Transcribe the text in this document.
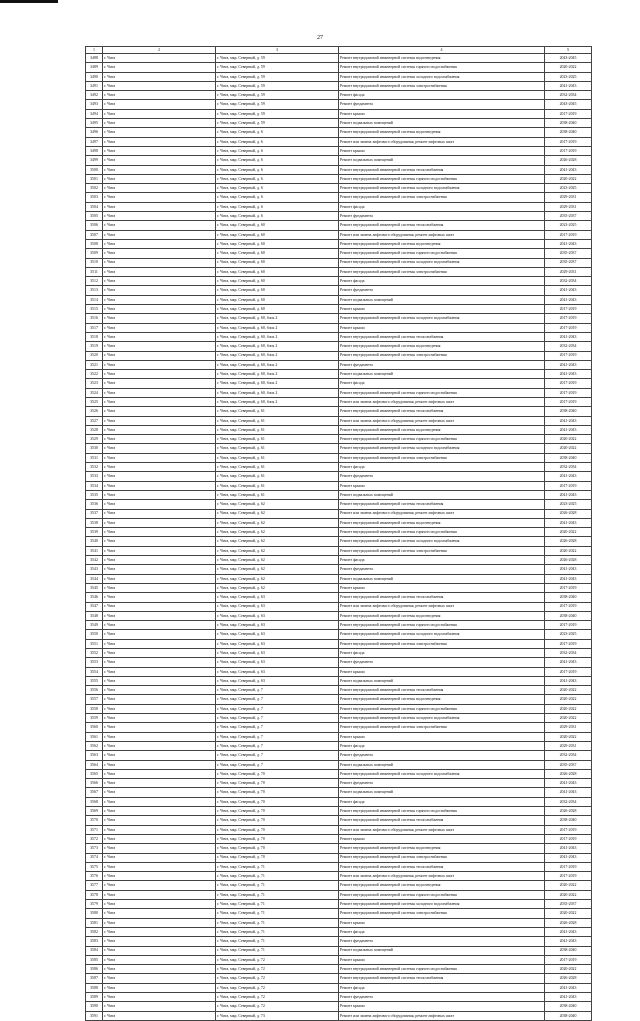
27
1	2	3	4	5
3488	г. Чита	г. Чита, мкр. Северный, д. 59	Ремонт внутридомовой инженерной системы водоотведения	2043-2045
3489	г. Чита	г. Чита, мкр. Северный, д. 59	Ремонт внутридомовой инженерной системы горячего водоснабжения	2020-2022
3490	г. Чита	г. Чита, мкр. Северный, д. 59	Ремонт внутридомовой инженерной системы холодного водоснабжения	2023-2025
3491	г. Чита	г. Чита, мкр. Северный, д. 59	Ремонт внутридомовой инженерной системы электроснабжения	2041-2043
3492	г. Чита	г. Чита, мкр. Северный, д. 59	Ремонт фасада	2032-2034
3493	г. Чита	г. Чита, мкр. Северный, д. 59	Ремонт фундамента	2043-2045
3494	г. Чита	г. Чита, мкр. Северный, д. 59	Ремонт крыши	2017-2019
3495	г. Чита	г. Чита, мкр. Северный, д. 59	Ремонт подвальных помещений	2038-2040
3496	г. Чита	г. Чита, мкр. Северный, д. 6	Ремонт внутридомовой инженерной системы водоотведения	2038-2040
3497	г. Чита	г. Чита, мкр. Северный, д. 6	Ремонт или замена лифтового оборудования, ремонт лифтовых шахт	2017-2019
3498	г. Чита	г. Чита, мкр. Северный, д. 6	Ремонт крыши	2017-2019
3499	г. Чита	г. Чита, мкр. Северный, д. 6	Ремонт подвальных помещений	2026-2028
3500	г. Чита	г. Чита, мкр. Северный, д. 6	Ремонт внутридомовой инженерной системы теплоснабжения	2041-2043
3501	г. Чита	г. Чита, мкр. Северный, д. 6	Ремонт внутридомовой инженерной системы горячего водоснабжения	2020-2022
3502	г. Чита	г. Чита, мкр. Северный, д. 6	Ремонт внутридомовой инженерной системы холодного водоснабжения	2023-2025
3503	г. Чита	г. Чита, мкр. Северный, д. 6	Ремонт внутридомовой инженерной системы электроснабжения	2029-2031
3504	г. Чита	г. Чита, мкр. Северный, д. 6	Ремонт фасада	2029-2031
3505	г. Чита	г. Чита, мкр. Северный, д. 6	Ремонт фундамента	2035-2037
3506	г. Чита	г. Чита, мкр. Северный, д. 60	Ремонт внутридомовой инженерной системы теплоснабжения	2023-2025
3507	г. Чита	г. Чита, мкр. Северный, д. 60	Ремонт или замена лифтового оборудования, ремонт лифтовых шахт	2017-2019
3508	г. Чита	г. Чита, мкр. Северный, д. 60	Ремонт внутридомовой инженерной системы водоотведения	2041-2043
3509	г. Чита	г. Чита, мкр. Северный, д. 60	Ремонт внутридомовой инженерной системы горячего водоснабжения	2035-2037
3510	г. Чита	г. Чита, мкр. Северный, д. 60	Ремонт внутридомовой инженерной системы холодного водоснабжения	2035-2037
3511	г. Чита	г. Чита, мкр. Северный, д. 60	Ремонт внутридомовой инженерной системы электроснабжения	2029-2031
3512	г. Чита	г. Чита, мкр. Северный, д. 60	Ремонт фасада	2032-2034
3513	г. Чита	г. Чита, мкр. Северный, д. 60	Ремонт фундамента	2041-2043
3514	г. Чита	г. Чита, мкр. Северный, д. 60	Ремонт подвальных помещений	2041-2043
3515	г. Чита	г. Чита, мкр. Северный, д. 60	Ремонт крыши	2017-2019
3516	г. Чита	г. Чита, мкр. Северный, д. 60, блок 2	Ремонт внутридомовой инженерной системы холодного водоснабжения	2017-2019
3517	г. Чита	г. Чита, мкр. Северный, д. 60, блок 2	Ремонт крыши	2017-2019
3518	г. Чита	г. Чита, мкр. Северный, д. 60, блок 2	Ремонт внутридомовой инженерной системы теплоснабжения	2041-2043
3519	г. Чита	г. Чита, мкр. Северный, д. 60, блок 2	Ремонт внутридомовой инженерной системы водоотведения	2032-2034
3520	г. Чита	г. Чита, мкр. Северный, д. 60, блок 2	Ремонт внутридомовой инженерной системы электроснабжения	2017-2019
3521	г. Чита	г. Чита, мкр. Северный, д. 60, блок 2	Ремонт фундамента	2041-2043
3522	г. Чита	г. Чита, мкр. Северный, д. 60, блок 2	Ремонт подвальных помещений	2041-2043
3523	г. Чита	г. Чита, мкр. Северный, д. 60, блок 2	Ремонт фасада	2017-2019
3524	г. Чита	г. Чита, мкр. Северный, д. 60, блок 2	Ремонт внутридомовой инженерной системы горячего водоснабжения	2017-2019
3525	г. Чита	г. Чита, мкр. Северный, д. 60, блок 2	Ремонт или замена лифтового оборудования, ремонт лифтовых шахт	2017-2019
3526	г. Чита	г. Чита, мкр. Северный, д. 61	Ремонт внутридомовой инженерной системы теплоснабжения	2038-2040
3527	г. Чита	г. Чита, мкр. Северный, д. 61	Ремонт или замена лифтового оборудования, ремонт лифтовых шахт	2041-2043
3528	г. Чита	г. Чита, мкр. Северный, д. 61	Ремонт внутридомовой инженерной системы водоотведения	2041-2043
3529	г. Чита	г. Чита, мкр. Северный, д. 61	Ремонт внутридомовой инженерной системы горячего водоснабжения	2020-2022
3530	г. Чита	г. Чита, мкр. Северный, д. 61	Ремонт внутридомовой инженерной системы холодного водоснабжения	2020-2022
3531	г. Чита	г. Чита, мкр. Северный, д. 61	Ремонт внутридомовой инженерной системы электроснабжения	2038-2040
3532	г. Чита	г. Чита, мкр. Северный, д. 61	Ремонт фасада	2032-2034
3533	г. Чита	г. Чита, мкр. Северный, д. 61	Ремонт фундамента	2041-2043
3534	г. Чита	г. Чита, мкр. Северный, д. 61	Ремонт крыши	2017-2019
3535	г. Чита	г. Чита, мкр. Северный, д. 61	Ремонт подвальных помещений	2041-2043
3536	г. Чита	г. Чита, мкр. Северный, д. 62	Ремонт внутридомовой инженерной системы теплоснабжения	2023-2025
3537	г. Чита	г. Чита, мкр. Северный, д. 62	Ремонт или замена лифтового оборудования, ремонт лифтовых шахт	2026-2028
3538	г. Чита	г. Чита, мкр. Северный, д. 62	Ремонт внутридомовой инженерной системы водоотведения	2041-2043
3539	г. Чита	г. Чита, мкр. Северный, д. 62	Ремонт внутридомовой инженерной системы горячего водоснабжения	2020-2022
3540	г. Чита	г. Чита, мкр. Северный, д. 62	Ремонт внутридомовой инженерной системы холодного водоснабжения	2026-2028
3541	г. Чита	г. Чита, мкр. Северный, д. 62	Ремонт внутридомовой инженерной системы электроснабжения	2020-2022
3542	г. Чита	г. Чита, мкр. Северный, д. 62	Ремонт фасада	2026-2028
3543	г. Чита	г. Чита, мкр. Северный, д. 62	Ремонт фундамента	2041-2043
3544	г. Чита	г. Чита, мкр. Северный, д. 62	Ремонт подвальных помещений	2041-2043
3545	г. Чита	г. Чита, мкр. Северный, д. 62	Ремонт крыши	2017-2019
3546	г. Чита	г. Чита, мкр. Северный, д. 63	Ремонт внутридомовой инженерной системы теплоснабжения	2038-2040
3547	г. Чита	г. Чита, мкр. Северный, д. 63	Ремонт или замена лифтового оборудования, ремонт лифтовых шахт	2017-2019
3548	г. Чита	г. Чита, мкр. Северный, д. 63	Ремонт внутридомовой инженерной системы водоотведения	2038-2040
3549	г. Чита	г. Чита, мкр. Северный, д. 63	Ремонт внутридомовой инженерной системы горячего водоснабжения	2017-2019
3550	г. Чита	г. Чита, мкр. Северный, д. 63	Ремонт внутридомовой инженерной системы холодного водоснабжения	2023-2025
3551	г. Чита	г. Чита, мкр. Северный, д. 63	Ремонт внутридомовой инженерной системы электроснабжения	2017-2019
3552	г. Чита	г. Чита, мкр. Северный, д. 63	Ремонт фасада	2032-2034
3553	г. Чита	г. Чита, мкр. Северный, д. 63	Ремонт фундамента	2041-2043
3554	г. Чита	г. Чита, мкр. Северный, д. 63	Ремонт крыши	2017-2019
3555	г. Чита	г. Чита, мкр. Северный, д. 63	Ремонт подвальных помещений	2041-2043
3556	г. Чита	г. Чита, мкр. Северный, д. 7	Ремонт внутридомовой инженерной системы теплоснабжения	2020-2022
3557	г. Чита	г. Чита, мкр. Северный, д. 7	Ремонт внутридомовой инженерной системы водоотведения	2020-2022
3558	г. Чита	г. Чита, мкр. Северный, д. 7	Ремонт внутридомовой инженерной системы горячего водоснабжения	2020-2022
3559	г. Чита	г. Чита, мкр. Северный, д. 7	Ремонт внутридомовой инженерной системы холодного водоснабжения	2020-2022
3560	г. Чита	г. Чита, мкр. Северный, д. 7	Ремонт внутридомовой инженерной системы электроснабжения	2029-2031
3561	г. Чита	г. Чита, мкр. Северный, д. 7	Ремонт крыши	2020-2022
3562	г. Чита	г. Чита, мкр. Северный, д. 7	Ремонт фасада	2029-2031
3563	г. Чита	г. Чита, мкр. Северный, д. 7	Ремонт фундамента	2032-2034
3564	г. Чита	г. Чита, мкр. Северный, д. 7	Ремонт подвальных помещений	2035-2037
3565	г. Чита	г. Чита, мкр. Северный, д. 70	Ремонт внутридомовой инженерной системы холодного водоснабжения	2026-2028
3566	г. Чита	г. Чита, мкр. Северный, д. 70	Ремонт фундамента	2041-2043
3567	г. Чита	г. Чита, мкр. Северный, д. 70	Ремонт подвальных помещений	2041-2043
3568	г. Чита	г. Чита, мкр. Северный, д. 70	Ремонт фасада	2032-2034
3569	г. Чита	г. Чита, мкр. Северный, д. 70	Ремонт внутридомовой инженерной системы горячего водоснабжения	2026-2028
3570	г. Чита	г. Чита, мкр. Северный, д. 70	Ремонт внутридомовой инженерной системы теплоснабжения	2038-2040
3571	г. Чита	г. Чита, мкр. Северный, д. 70	Ремонт или замена лифтового оборудования, ремонт лифтовых шахт	2017-2019
3572	г. Чита	г. Чита, мкр. Северный, д. 70	Ремонт крыши	2017-2019
3573	г. Чита	г. Чита, мкр. Северный, д. 70	Ремонт внутридомовой инженерной системы водоотведения	2041-2043
3574	г. Чита	г. Чита, мкр. Северный, д. 70	Ремонт внутридомовой инженерной системы электроснабжения	2041-2043
3575	г. Чита	г. Чита, мкр. Северный, д. 71	Ремонт внутридомовой инженерной системы теплоснабжения	2017-2019
3576	г. Чита	г. Чита, мкр. Северный, д. 71	Ремонт или замена лифтового оборудования, ремонт лифтовых шахт	2017-2019
3577	г. Чита	г. Чита, мкр. Северный, д. 71	Ремонт внутридомовой инженерной системы водоотведения	2020-2022
3578	г. Чита	г. Чита, мкр. Северный, д. 71	Ремонт внутридомовой инженерной системы горячего водоснабжения	2020-2022
3579	г. Чита	г. Чита, мкр. Северный, д. 71	Ремонт внутридомовой инженерной системы холодного водоснабжения	2035-2037
3580	г. Чита	г. Чита, мкр. Северный, д. 71	Ремонт внутридомовой инженерной системы электроснабжения	2020-2022
3581	г. Чита	г. Чита, мкр. Северный, д. 71	Ремонт крыши	2026-2028
3582	г. Чита	г. Чита, мкр. Северный, д. 71	Ремонт фасада	2041-2043
3583	г. Чита	г. Чита, мкр. Северный, д. 71	Ремонт фундамента	2041-2043
3584	г. Чита	г. Чита, мкр. Северный, д. 71	Ремонт подвальных помещений	2038-2040
3585	г. Чита	г. Чита, мкр. Северный, д. 72	Ремонт крыши	2017-2019
3586	г. Чита	г. Чита, мкр. Северный, д. 72	Ремонт внутридомовой инженерной системы горячего водоснабжения	2020-2022
3587	г. Чита	г. Чита, мкр. Северный, д. 72	Ремонт внутридомовой инженерной системы теплоснабжения	2026-2028
3588	г. Чита	г. Чита, мкр. Северный, д. 72	Ремонт фасада	2041-2043
3589	г. Чита	г. Чита, мкр. Северный, д. 72	Ремонт фундамента	2041-2043
3590	г. Чита	г. Чита, мкр. Северный, д. 72	Ремонт крыши	2038-2040
3591	г. Чита	г. Чита, мкр. Северный, д. 73	Ремонт или замена лифтового оборудования, ремонт лифтовых шахт	2038-2040
